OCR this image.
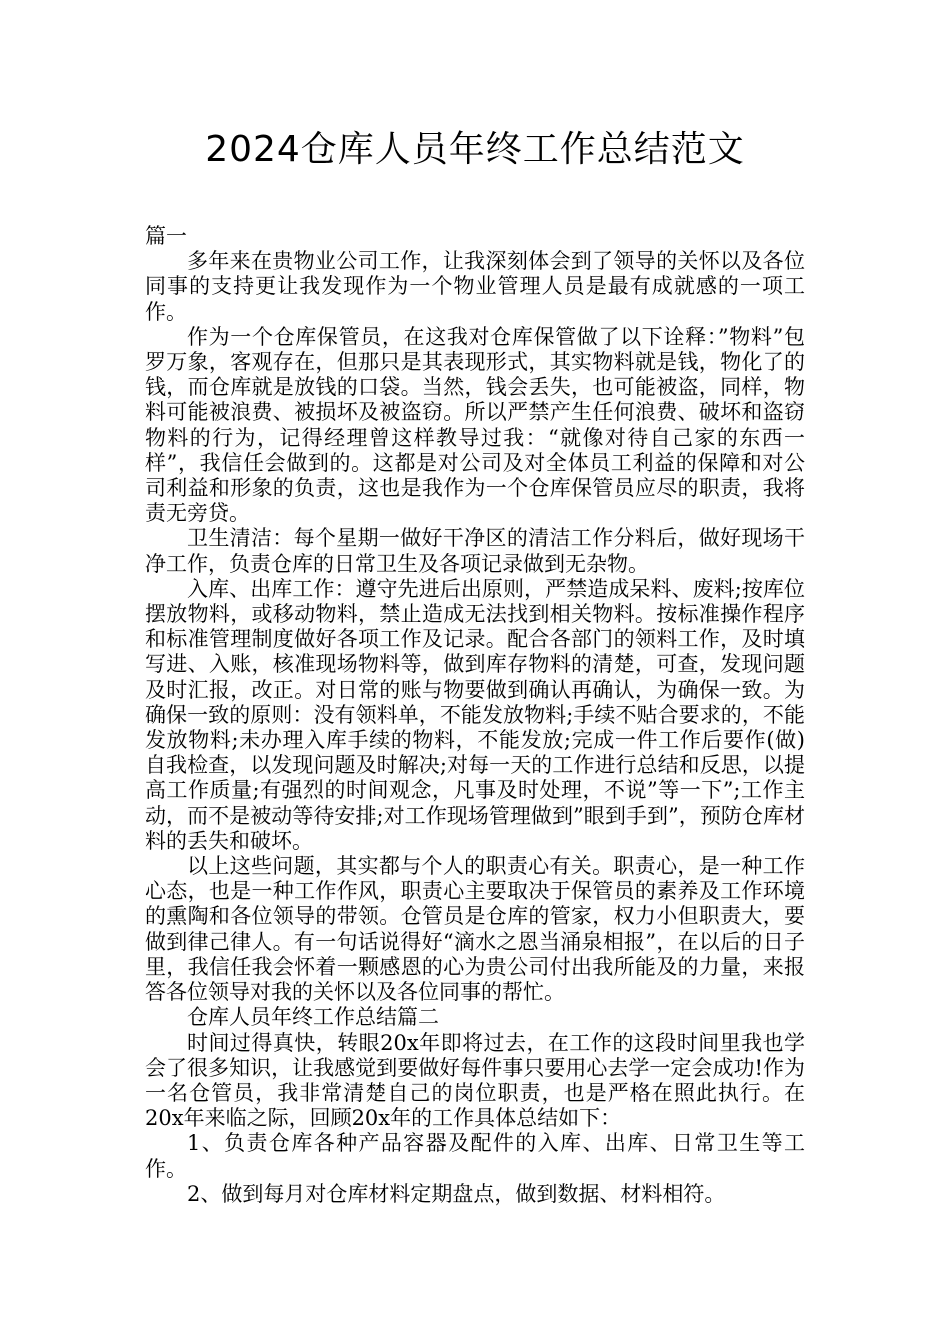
2024仓库人员年终工作总结范文

篇一

多年来在贵物业公司工作，让我深刻体会到了领导的关怀以及各位同事的支持更让我发现作为一个物业管理人员是最有成就感的一项工作。

作为一个仓库保管员，在这我对仓库保管做了以下诠释：”物料”包罗万象，客观存在，但那只是其表现形式，其实物料就是钱，物化了的钱，而仓库就是放钱的口袋。当然，钱会丢失，也可能被盗，同样，物料可能被浪费、被损坏及被盗窃。所以严禁产生任何浪费、破坏和盗窃物料的行为，记得经理曾这样教导过我：“就像对待自己家的东西一样”，我信任会做到的。这都是对公司及对全体员工利益的保障和对公司利益和形象的负责，这也是我作为一个仓库保管员应尽的职责，我将责无旁贷。

卫生清洁：每个星期一做好干净区的清洁工作分料后，做好现场干净工作，负责仓库的日常卫生及各项记录做到无杂物。

入库、出库工作：遵守先进后出原则，严禁造成呆料、废料;按库位摆放物料，或移动物料，禁止造成无法找到相关物料。按标准操作程序和标准管理制度做好各项工作及记录。配合各部门的领料工作，及时填写进、入账，核准现场物料等，做到库存物料的清楚，可查，发现问题及时汇报，改正。对日常的账与物要做到确认再确认，为确保一致。为确保一致的原则：没有领料单，不能发放物料;手续不贴合要求的，不能发放物料;未办理入库手续的物料，不能发放;完成一件工作后要作(做)自我检查，以发现问题及时解决;对每一天的工作进行总结和反思，以提高工作质量;有强烈的时间观念，凡事及时处理，不说”等一下”;工作主动，而不是被动等待安排;对工作现场管理做到”眼到手到”，预防仓库材料的丢失和破坏。

以上这些问题，其实都与个人的职责心有关。职责心，是一种工作心态，也是一种工作作风，职责心主要取决于保管员的素养及工作环境的熏陶和各位领导的带领。仓管员是仓库的管家，权力小但职责大，要做到律己律人。有一句话说得好“滴水之恩当涌泉相报”，在以后的日子里，我信任我会怀着一颗感恩的心为贵公司付出我所能及的力量，来报答各位领导对我的关怀以及各位同事的帮忙。

仓库人员年终工作总结篇二

时间过得真快，转眼20x年即将过去，在工作的这段时间里我也学会了很多知识，让我感觉到要做好每件事只要用心去学一定会成功!作为一名仓管员，我非常清楚自己的岗位职责，也是严格在照此执行。在20x年来临之际，回顾20x年的工作具体总结如下：

1、负责仓库各种产品容器及配件的入库、出库、日常卫生等工作。

2、做到每月对仓库材料定期盘点，做到数据、材料相符。
